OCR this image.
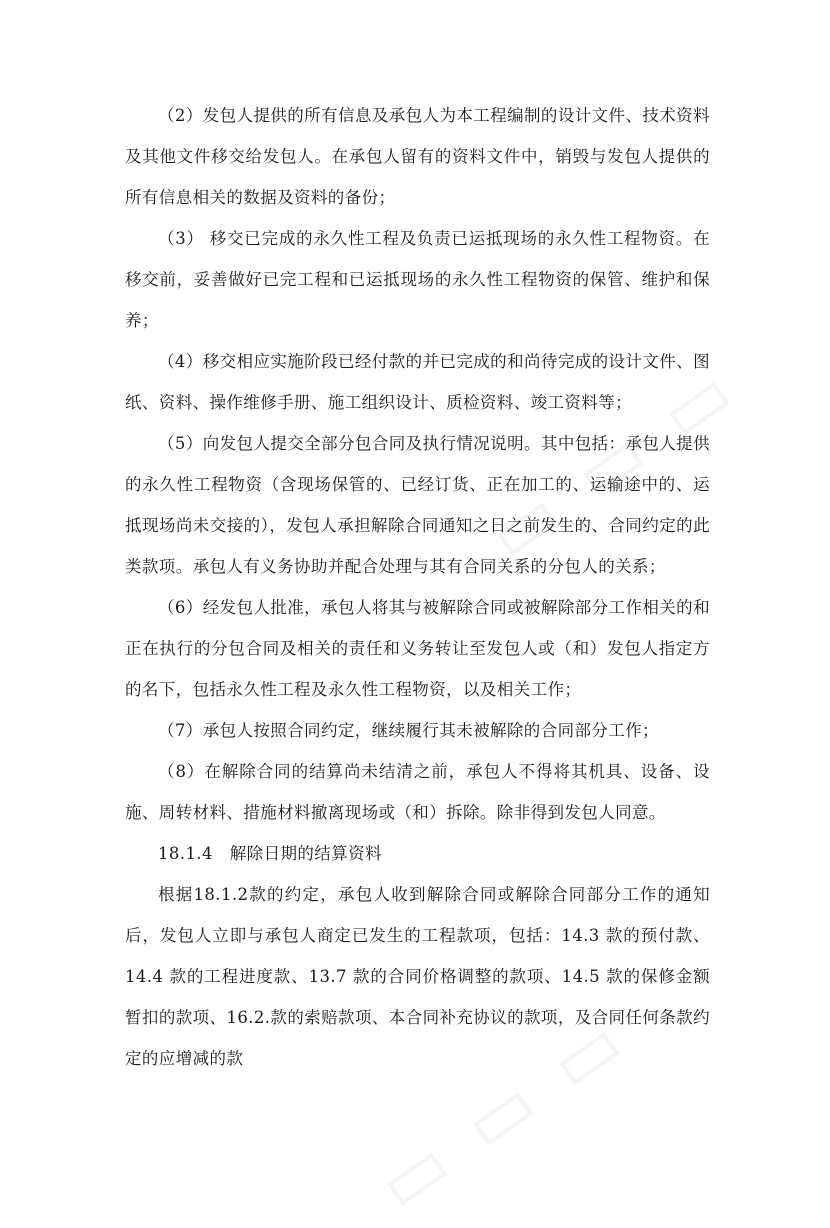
（2）发包人提供的所有信息及承包人为本工程编制的设计文件、技术资料及其他文件移交给发包人。在承包人留有的资料文件中，销毁与发包人提供的所有信息相关的数据及资料的备份；

（3） 移交已完成的永久性工程及负责已运抵现场的永久性工程物资。在移交前，妥善做好已完工程和已运抵现场的永久性工程物资的保管、维护和保养；

（4）移交相应实施阶段已经付款的并已完成的和尚待完成的设计文件、图纸、资料、操作维修手册、施工组织设计、质检资料、竣工资料等；

（5）向发包人提交全部分包合同及执行情况说明。其中包括：承包人提供的永久性工程物资（含现场保管的、已经订货、正在加工的、运输途中的、运抵现场尚未交接的），发包人承担解除合同通知之日之前发生的、合同约定的此类款项。承包人有义务协助并配合处理与其有合同关系的分包人的关系；

（6）经发包人批准，承包人将其与被解除合同或被解除部分工作相关的和正在执行的分包合同及相关的责任和义务转让至发包人或（和）发包人指定方的名下，包括永久性工程及永久性工程物资，以及相关工作；

（7）承包人按照合同约定，继续履行其未被解除的合同部分工作；

（8）在解除合同的结算尚未结清之前，承包人不得将其机具、设备、设施、周转材料、措施材料撤离现场或（和）拆除。除非得到发包人同意。

18.1.4　解除日期的结算资料

根据18.1.2款的约定，承包人收到解除合同或解除合同部分工作的通知后，发包人立即与承包人商定已发生的工程款项，包括：14.3 款的预付款、14.4 款的工程进度款、13.7 款的合同价格调整的款项、14.5 款的保修金额暂扣的款项、16.2.款的索赔款项、本合同补充协议的款项，及合同任何条款约定的应增减的款
